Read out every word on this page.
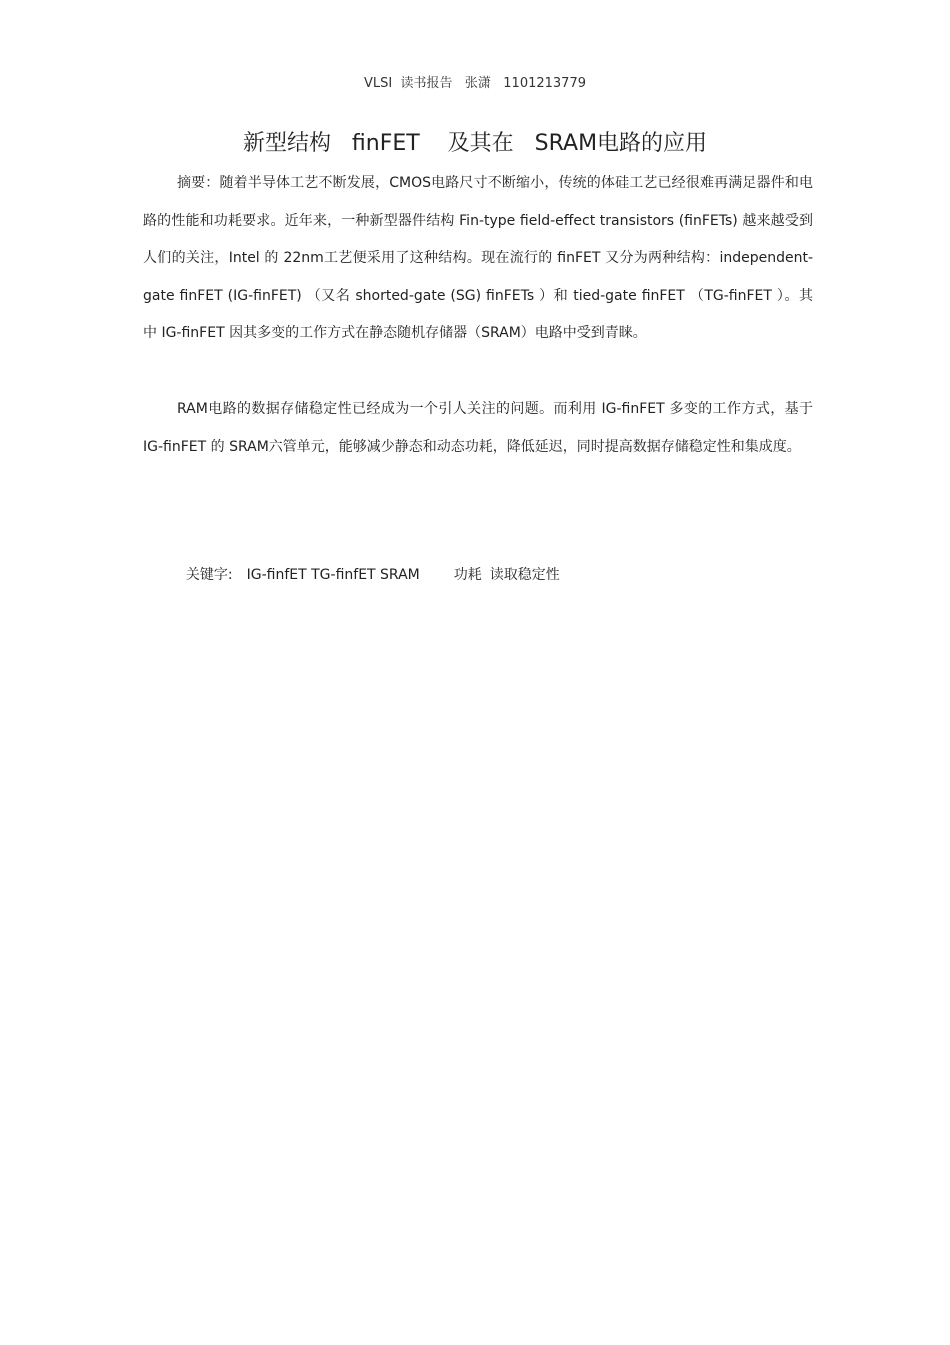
VLSI  读书报告   张潇   1101213779
新型结构   finFET    及其在   SRAM电路的应用
摘要：随着半导体工艺不断发展，CMOS电路尺寸不断缩小，传统的体硅工艺已经很难再满足器件和电路的性能和功耗要求。近年来，一种新型器件结构 Fin-type field-effect transistors (finFETs) 越来越受到人们的关注，Intel 的 22nm工艺便采用了这种结构。现在流行的 finFET 又分为两种结构：independent-gate finFET (IG-finFET) （又名 shorted-gate (SG) finFETs ）和 tied-gate finFET （TG-finFET ）。其中 IG-finFET 因其多变的工作方式在静态随机存储器（SRAM）电路中受到青睐。
RAM电路的数据存储稳定性已经成为一个引人关注的问题。而利用 IG-finFET 多变的工作方式，基于 IG-finFET 的 SRAM六管单元，能够减少静态和动态功耗，降低延迟，同时提高数据存储稳定性和集成度。

关键字: IG-finfET TG-finfET SRAM 功耗 读取稳定性
